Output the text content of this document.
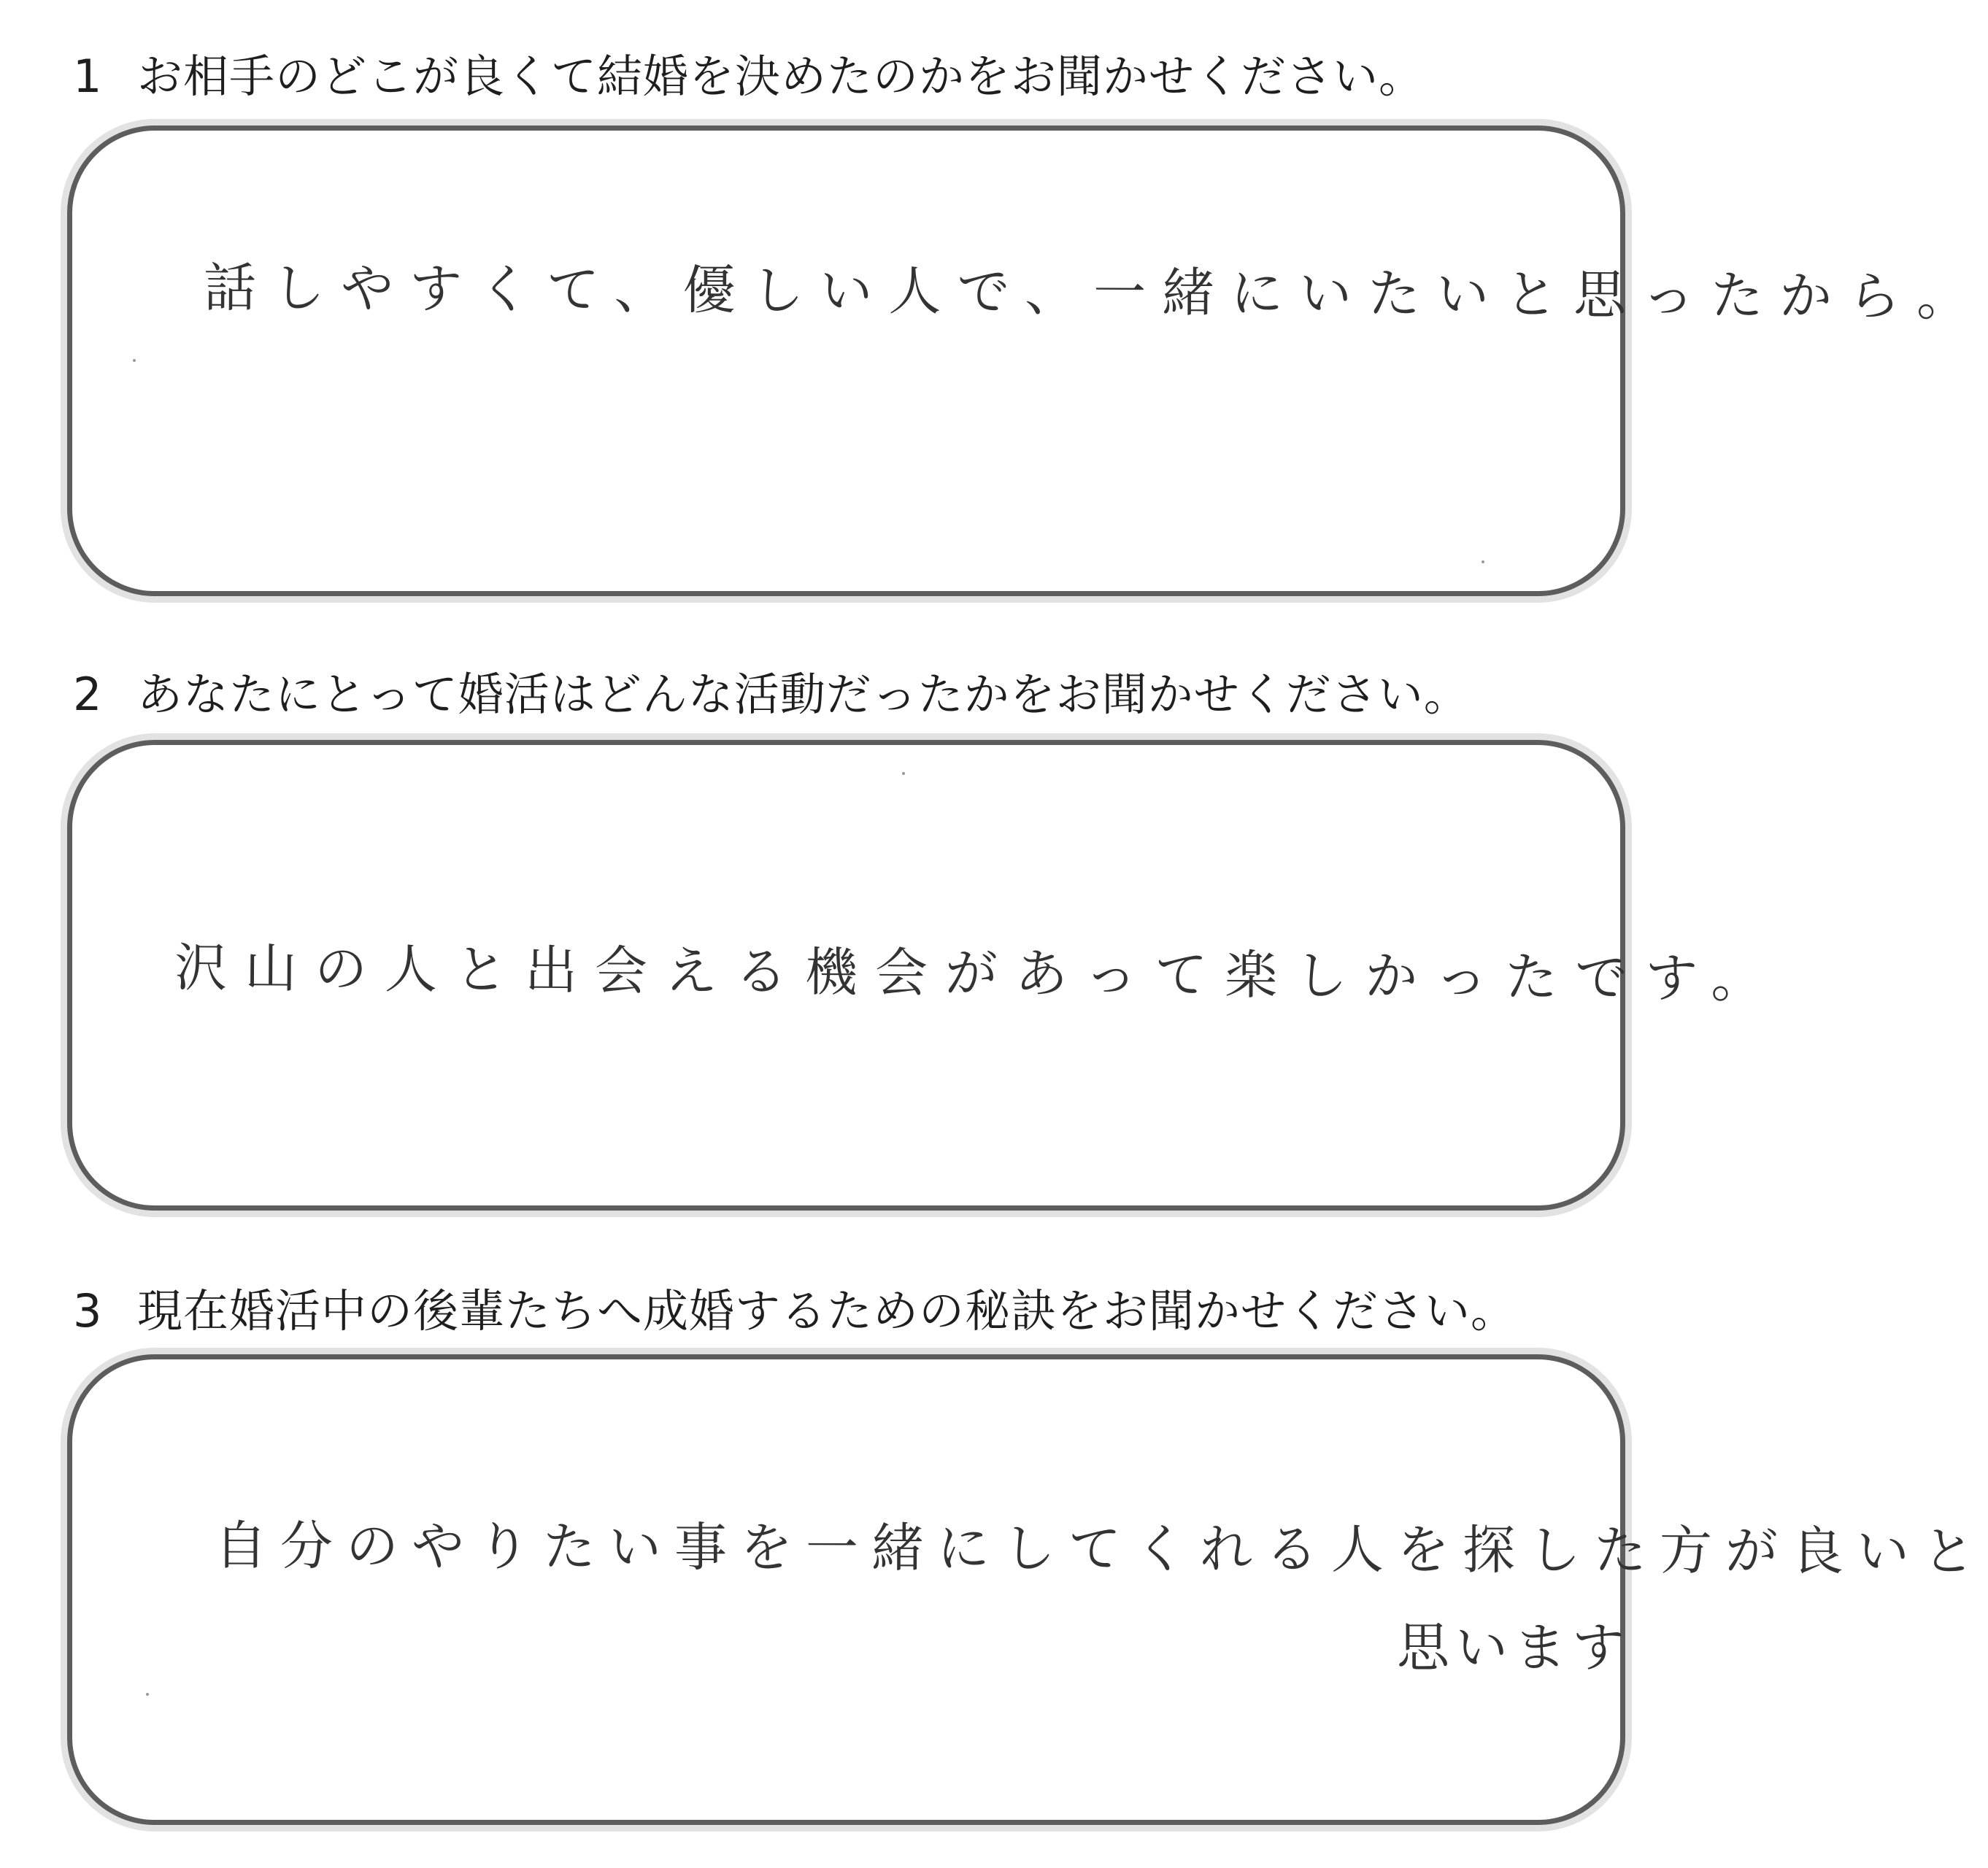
1 お相手のどこが良くて結婚を決めたのかをお聞かせください。
話しやすくて、優しい人で、一緒にいたいと思ったから。
2 あなたにとって婚活はどんな活動だったかをお聞かせください。
沢山の人と出会える機会があって楽しかったです。
3 現在婚活中の後輩たちへ成婚するための秘訣をお聞かせください。
自分のやりたい事を一緒にしてくれる人を探した方が良いと
思います
